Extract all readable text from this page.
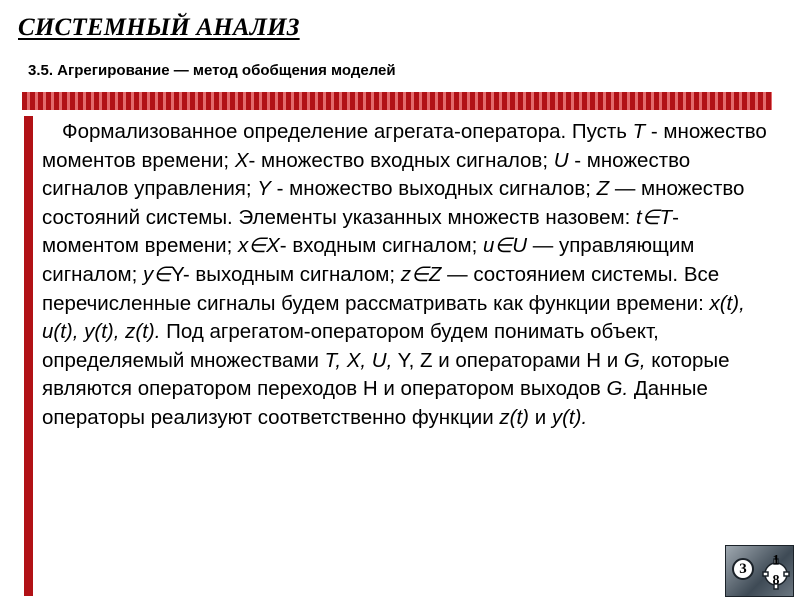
СИСТЕМНЫЙ АНАЛИЗ
3.5. Агрегирование — метод обобщения моделей

Формализованное определение агрегата-оператора. Пусть Т - множество моментов времени; Х- множество входных сигналов; U - множество сигналов управления; Y - множество выходных сигналов; Z — множество состояний системы. Элементы указанных множеств назовем: t∈T- моментом времени; x∈X- входным сигналом; u∈U — управляющим сигналом; y∈Y- выходным сигналом; z∈Z — состоянием системы. Все перечисленные сигналы будем рассматривать как функции времени: x(t), u(t), y(t), z(t). Под агрегатом-оператором будем понимать объект, определяемый множествами Т, X, U, Y, Z и операторами Н и G, которые являются оператором переходов Н и оператором выходов G. Данные операторы реализуют соответственно функции z(t) и y(t).

3	1
8
